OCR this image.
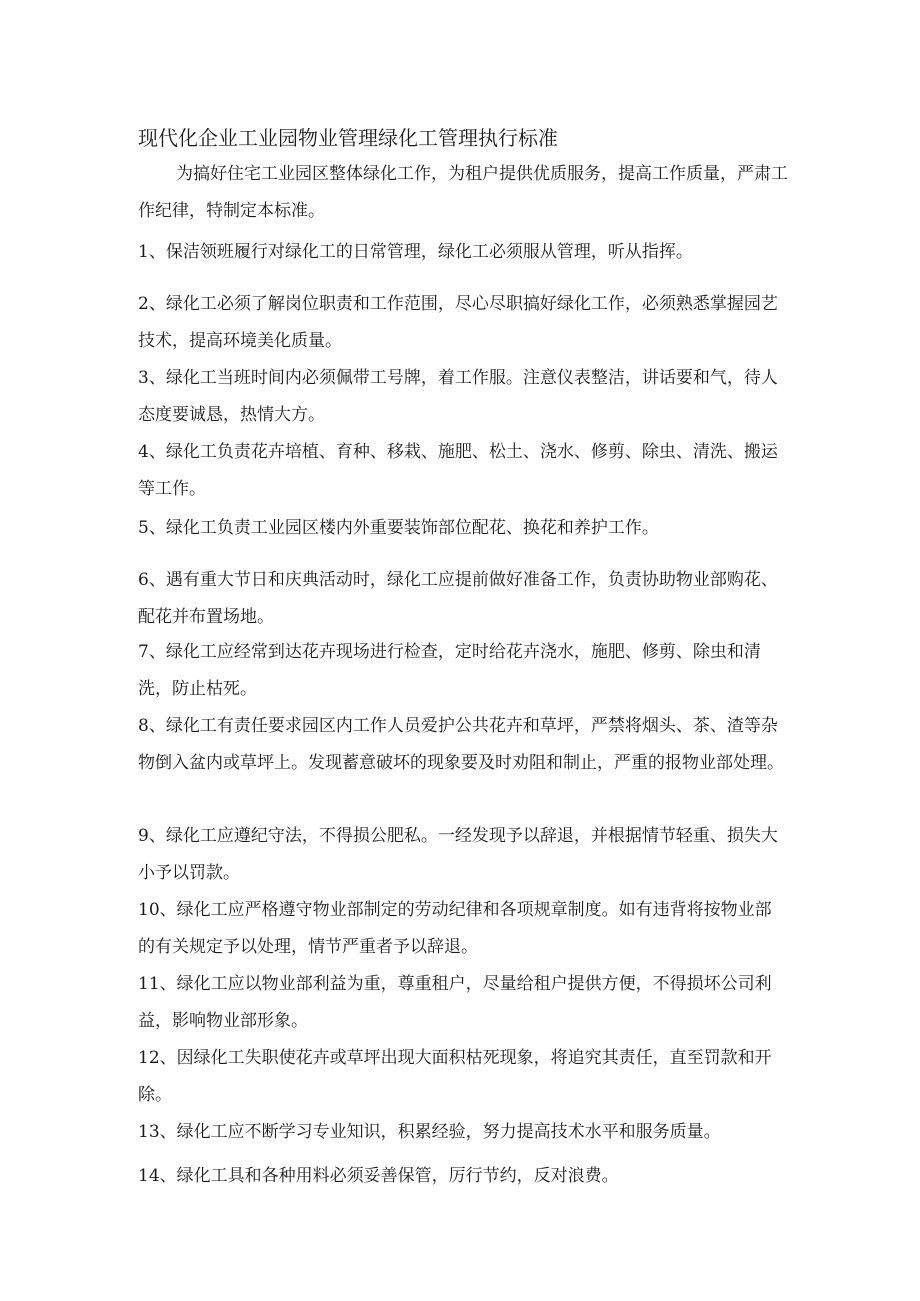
现代化企业工业园物业管理绿化工管理执行标准

为搞好住宅工业园区整体绿化工作，为租户提供优质服务，提高工作质量，严肃工作纪律，特制定本标准。

1、保洁领班履行对绿化工的日常管理，绿化工必须服从管理，听从指挥。

2、绿化工必须了解岗位职责和工作范围，尽心尽职搞好绿化工作，必须熟悉掌握园艺技术，提高环境美化质量。

3、绿化工当班时间内必须佩带工号牌，着工作服。注意仪表整洁，讲话要和气，待人态度要诚恳，热情大方。

4、绿化工负责花卉培植、育种、移栽、施肥、松土、浇水、修剪、除虫、清洗、搬运等工作。

5、绿化工负责工业园区楼内外重要装饰部位配花、换花和养护工作。

6、遇有重大节日和庆典活动时，绿化工应提前做好准备工作，负责协助物业部购花、配花并布置场地。

7、绿化工应经常到达花卉现场进行检查，定时给花卉浇水，施肥、修剪、除虫和清洗，防止枯死。

8、绿化工有责任要求园区内工作人员爱护公共花卉和草坪，严禁将烟头、茶、渣等杂物倒入盆内或草坪上。发现蓄意破坏的现象要及时劝阻和制止，严重的报物业部处理。

9、绿化工应遵纪守法，不得损公肥私。一经发现予以辞退，并根据情节轻重、损失大小予以罚款。

10、绿化工应严格遵守物业部制定的劳动纪律和各项规章制度。如有违背将按物业部的有关规定予以处理，情节严重者予以辞退。

11、绿化工应以物业部利益为重，尊重租户，尽量给租户提供方便，不得损坏公司利益，影响物业部形象。

12、因绿化工失职使花卉或草坪出现大面积枯死现象，将追究其责任，直至罚款和开除。

13、绿化工应不断学习专业知识，积累经验，努力提高技术水平和服务质量。

14、绿化工具和各种用料必须妥善保管，厉行节约，反对浪费。
